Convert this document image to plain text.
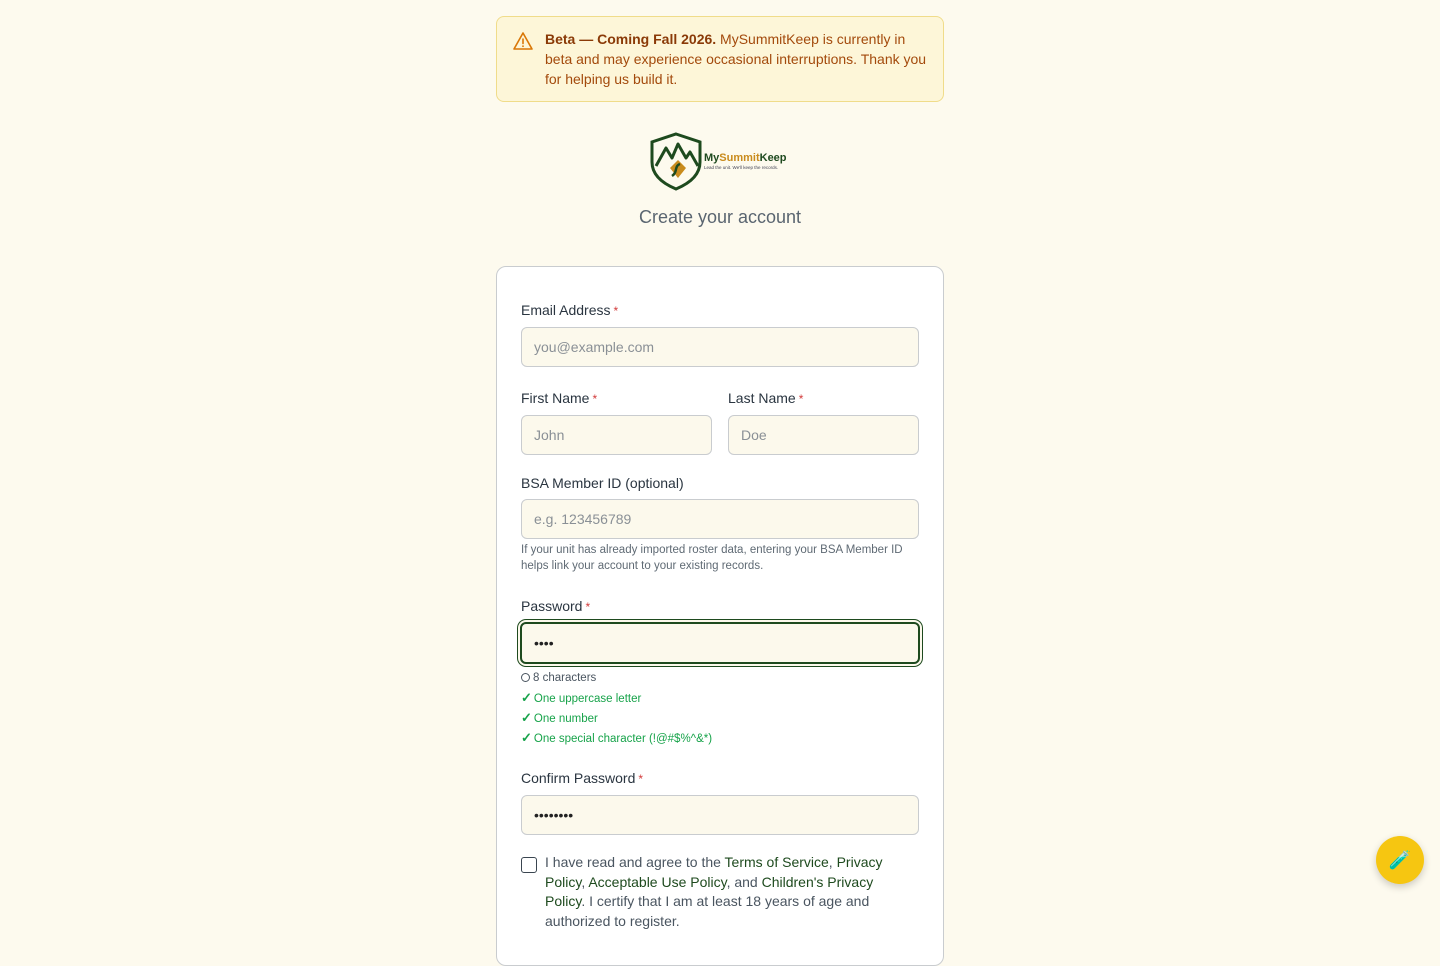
Beta — Coming Fall 2026. MySummitKeep is currently in beta and may experience occasional interruptions. Thank you for helping us build it.
MySummitKeep
Lead the unit. We'll keep the records.
Create your account
Email Address *
you@example.com
First Name *
John
Last Name *
Doe
BSA Member ID (optional)
e.g. 123456789
If your unit has already imported roster data, entering your BSA Member ID helps link your account to your existing records.
Password *
••••
8 characters
✓ One uppercase letter
✓ One number
✓ One special character (!@#$%^&*)
Confirm Password *
••••••••
I have read and agree to the Terms of Service, Privacy Policy, Acceptable Use Policy, and Children's Privacy Policy. I certify that I am at least 18 years of age and authorized to register.
🧪
